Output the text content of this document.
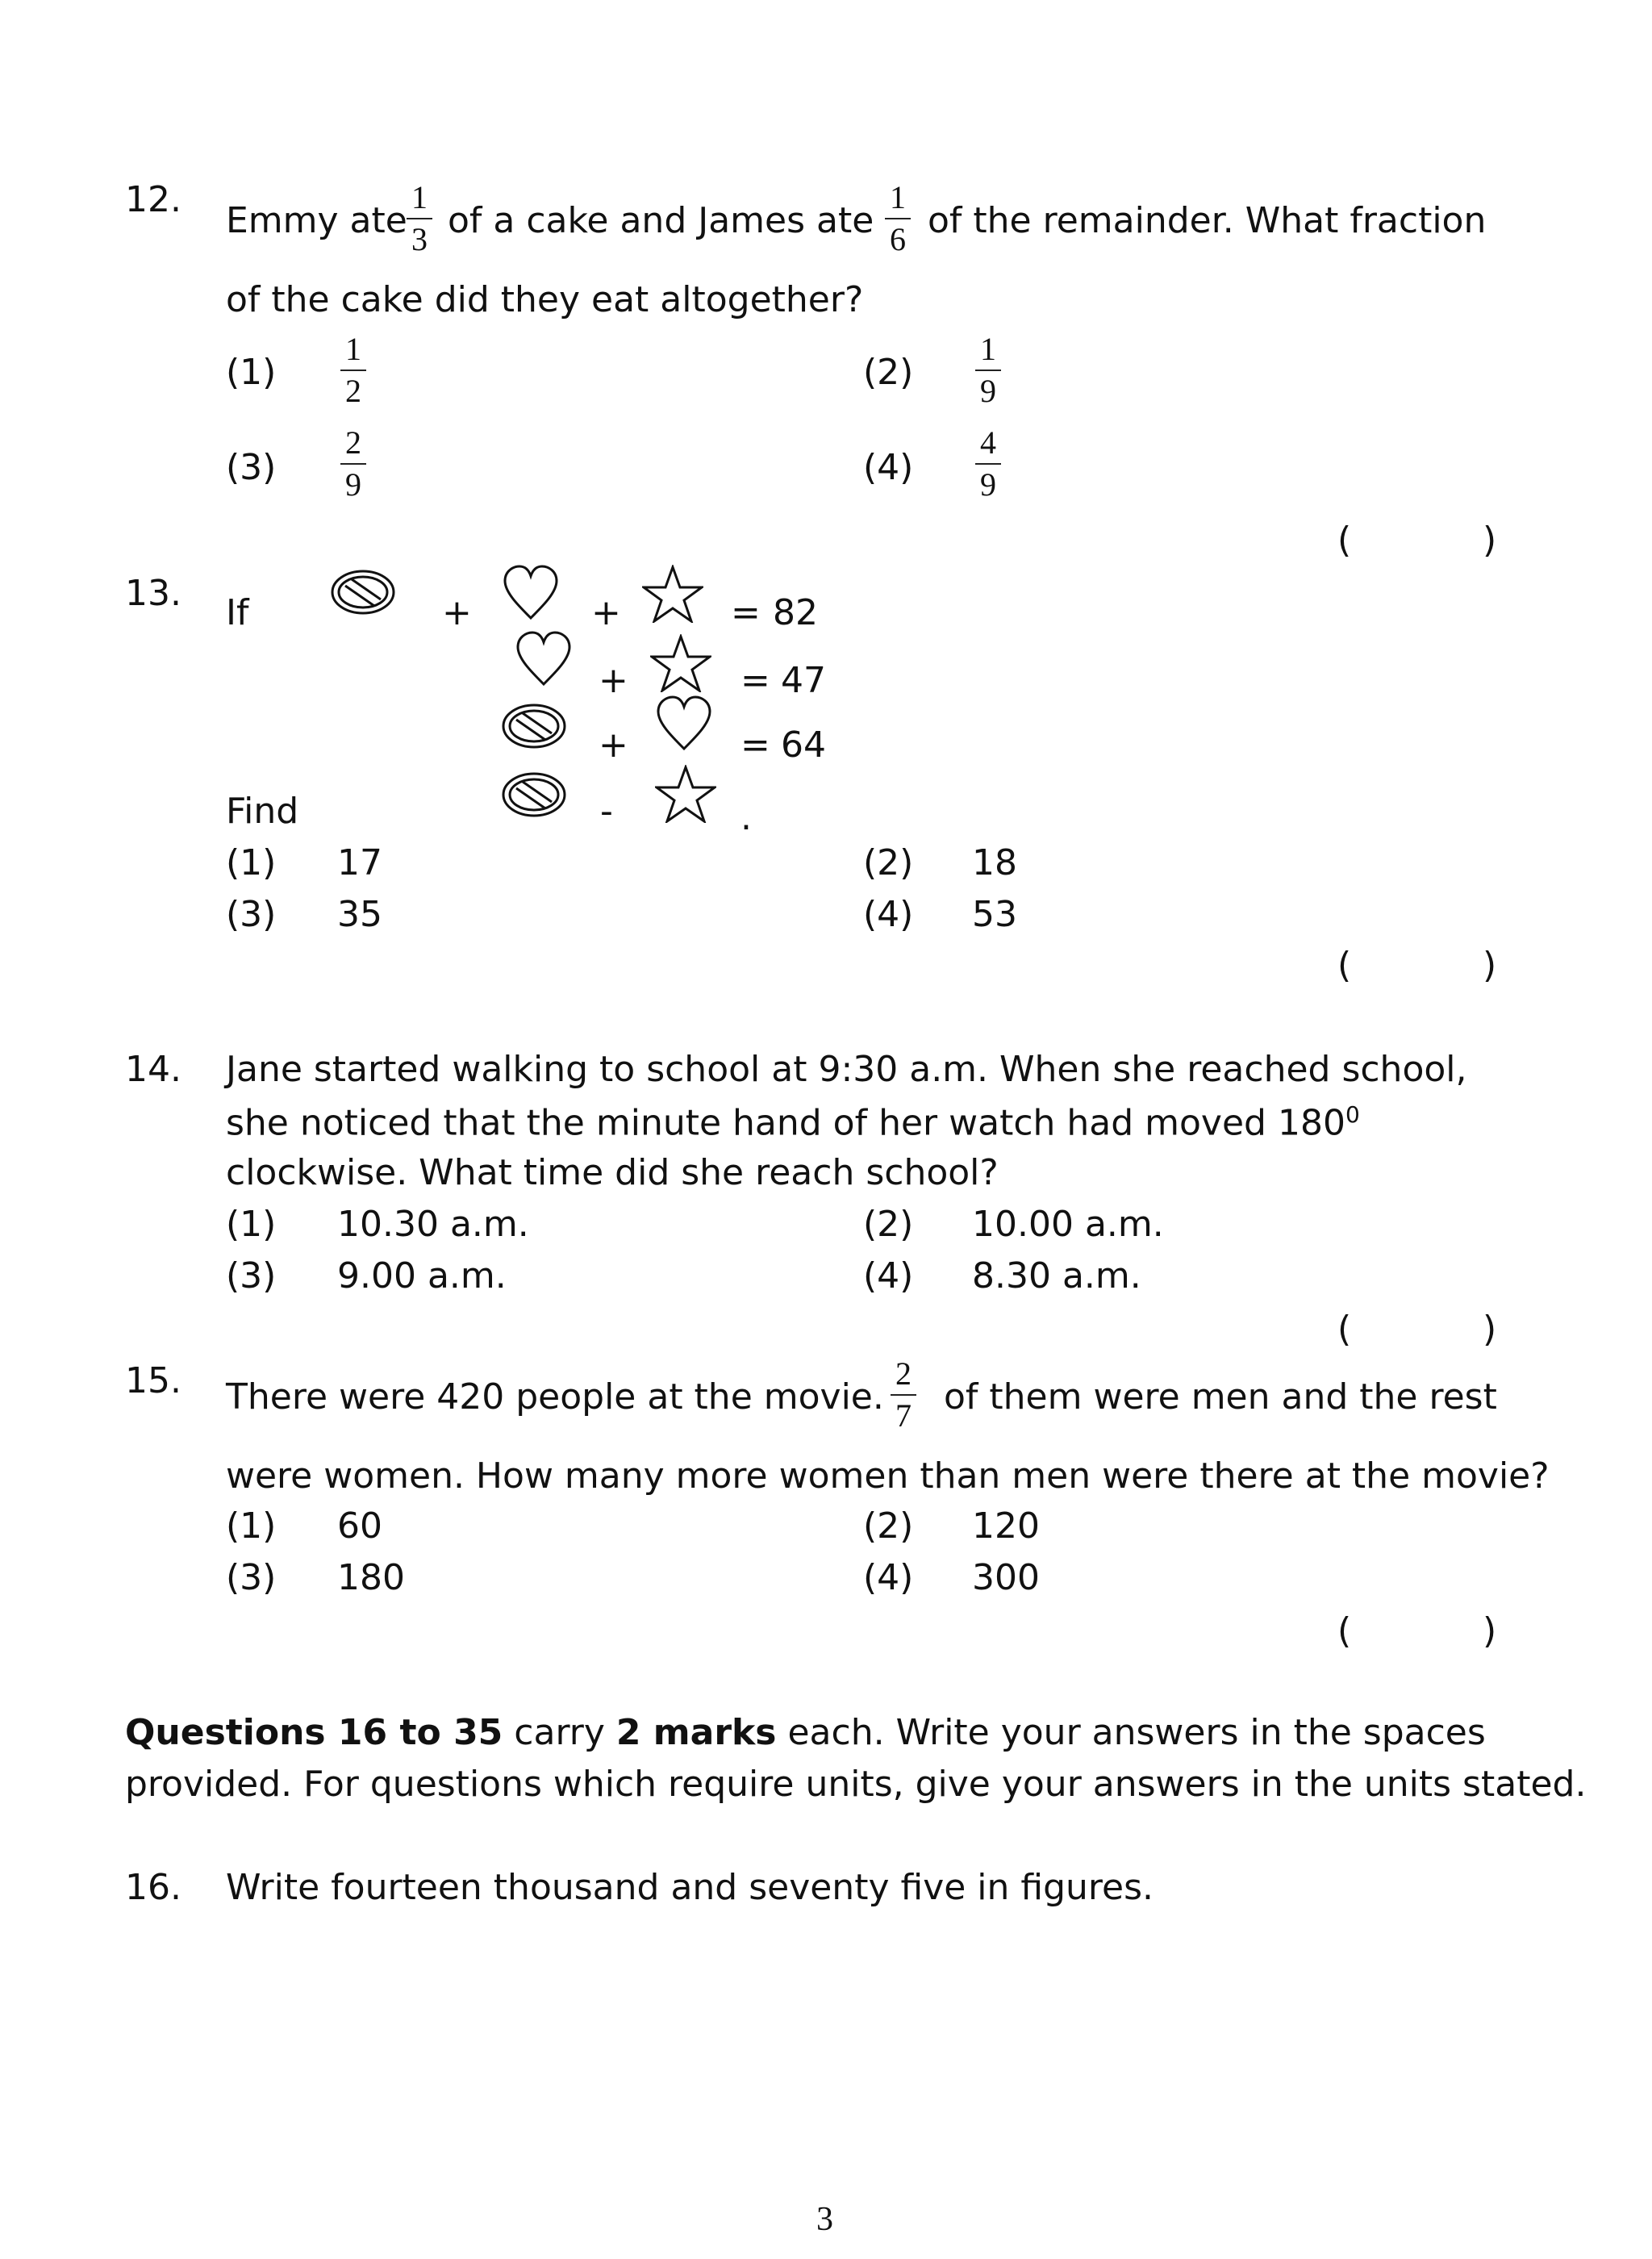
12.
Emmy ate
1
3 of a cake and James ate
1
6 of the remainder. What fraction
of the cake did they eat altogether?
(1)
1
2	(2)
1
9
(3)
2
9	(4)
4
9
(	)
13. If	+	+	= 82
+	= 47
+	= 64
Find	-	.
(1) 17	(2) 18
(3) 35	(4) 53
(	)
14. Jane started walking to school at 9:30 a.m. When she reached school,
she noticed that the minute hand of her watch had moved $180^0$
clockwise. What time did she reach school?
(1) 10.30 a.m.	(2) 10.00 a.m.
(3) 9.00 a.m.	(4) 8.30 a.m.
(	)
15. There were 420 people at the movie.
2
7 of them were men and the rest
were women. How many more women than men were there at the movie?
(1) 60	(2) 120
(3) 180	(4) 300
(	)
Questions 16 to 35 carry 2 marks each. Write your answers in the spaces
provided. For questions which require units, give your answers in the units stated.
16. Write fourteen thousand and seventy five in figures.
3
